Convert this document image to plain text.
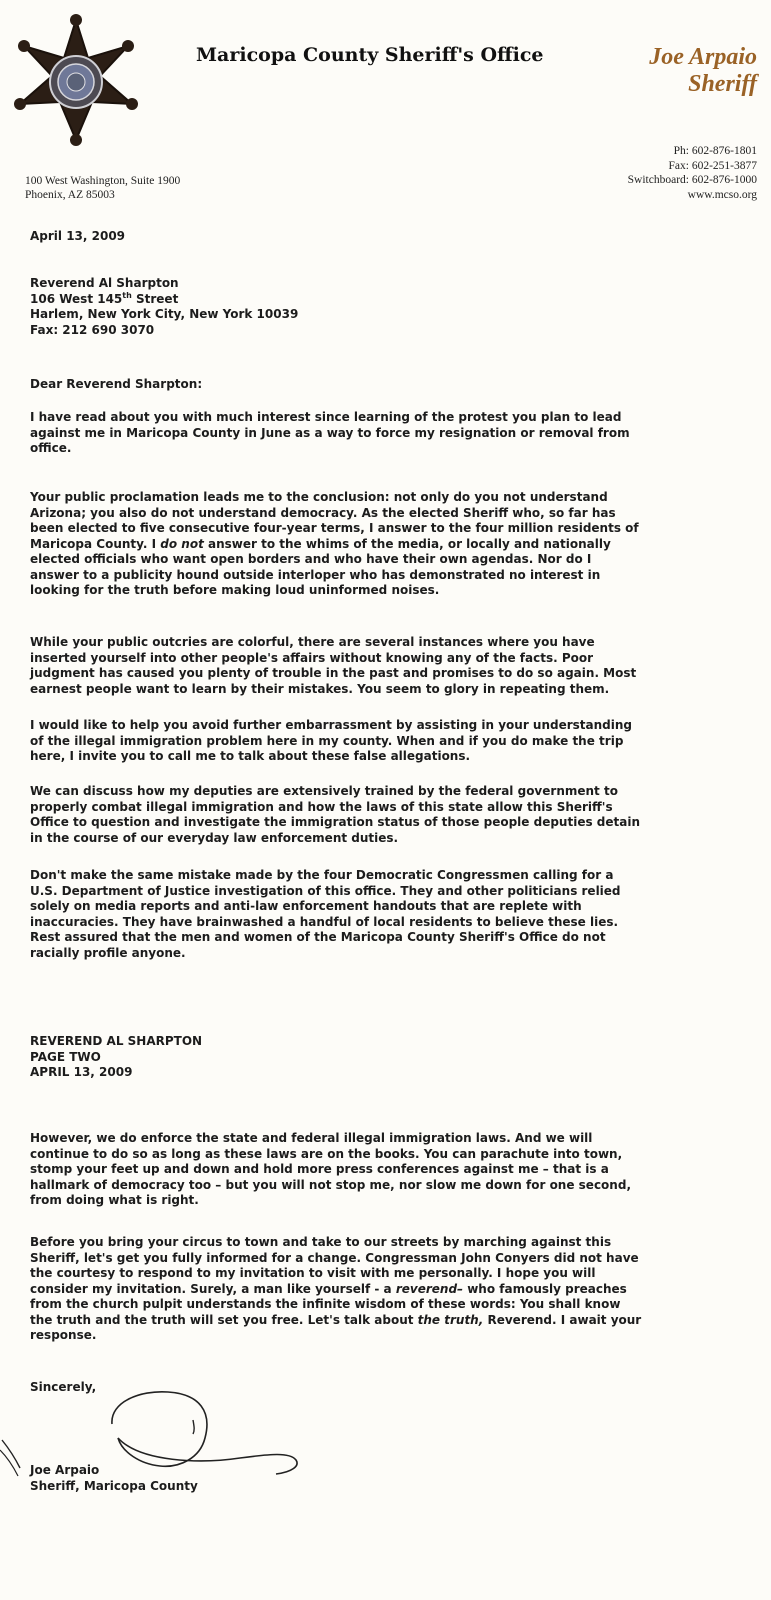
Maricopa County Sheriff's Office	Joe Arpaio
Sheriff
Ph: 602-876-1801
Fax: 602-251-3877
Switchboard: 602-876-1000
www.mcso.org
100 West Washington, Suite 1900
Phoenix, AZ 85003
April 13, 2009
Reverend Al Sharpton
106 West 145th Street
Harlem, New York City, New York 10039
Fax: 212 690 3070
Dear Reverend Sharpton:
I have read about you with much interest since learning of the protest you plan to lead
against me in Maricopa County in June as a way to force my resignation or removal from
office.
Your public proclamation leads me to the conclusion: not only do you not understand
Arizona; you also do not understand democracy. As the elected Sheriff who, so far has
been elected to five consecutive four-year terms, I answer to the four million residents of
Maricopa County. I do not answer to the whims of the media, or locally and nationally
elected officials who want open borders and who have their own agendas. Nor do I
answer to a publicity hound outside interloper who has demonstrated no interest in
looking for the truth before making loud uninformed noises.
While your public outcries are colorful, there are several instances where you have
inserted yourself into other people's affairs without knowing any of the facts. Poor
judgment has caused you plenty of trouble in the past and promises to do so again. Most
earnest people want to learn by their mistakes. You seem to glory in repeating them.
I would like to help you avoid further embarrassment by assisting in your understanding
of the illegal immigration problem here in my county. When and if you do make the trip
here, I invite you to call me to talk about these false allegations.
We can discuss how my deputies are extensively trained by the federal government to
properly combat illegal immigration and how the laws of this state allow this Sheriff's
Office to question and investigate the immigration status of those people deputies detain
in the course of our everyday law enforcement duties.
Don't make the same mistake made by the four Democratic Congressmen calling for a
U.S. Department of Justice investigation of this office. They and other politicians relied
solely on media reports and anti-law enforcement handouts that are replete with
inaccuracies. They have brainwashed a handful of local residents to believe these lies.
Rest assured that the men and women of the Maricopa County Sheriff's Office do not
racially profile anyone.
REVEREND AL SHARPTON
PAGE TWO
APRIL 13, 2009
However, we do enforce the state and federal illegal immigration laws. And we will
continue to do so as long as these laws are on the books. You can parachute into town,
stomp your feet up and down and hold more press conferences against me – that is a
hallmark of democracy too – but you will not stop me, nor slow me down for one second,
from doing what is right.
Before you bring your circus to town and take to our streets by marching against this
Sheriff, let's get you fully informed for a change. Congressman John Conyers did not have
the courtesy to respond to my invitation to visit with me personally. I hope you will
consider my invitation. Surely, a man like yourself - a reverend– who famously preaches
from the church pulpit understands the infinite wisdom of these words: You shall know
the truth and the truth will set you free. Let's talk about the truth, Reverend. I await your
response.
Sincerely,
Joe Arpaio
Sheriff, Maricopa County
